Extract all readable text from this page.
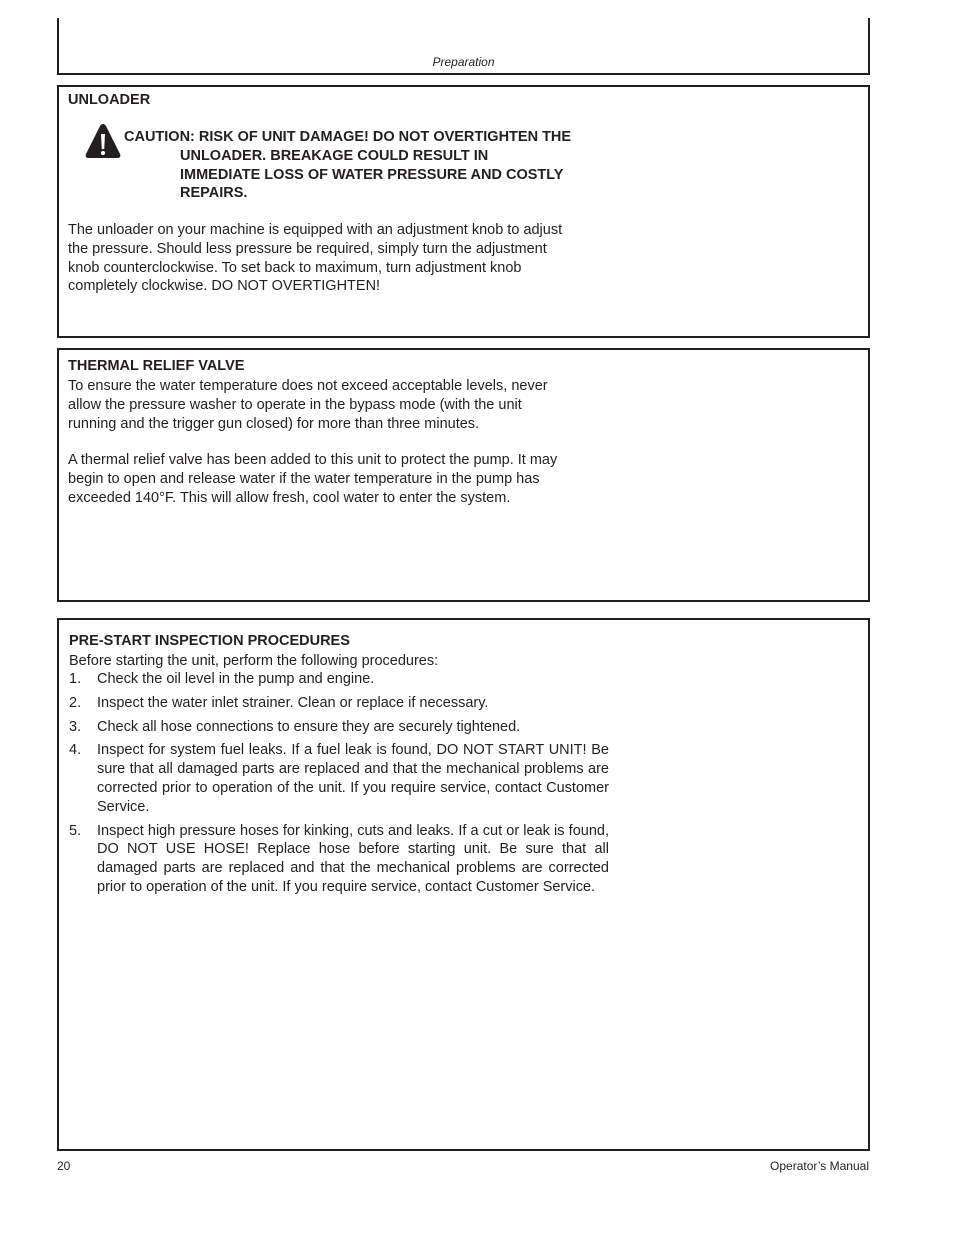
Preparation
UNLOADER
CAUTION: RISK OF UNIT DAMAGE! DO NOT OVERTIGHTEN THE

UNLOADER. BREAKAGE COULD RESULT IN
IMMEDIATE LOSS OF WATER PRESSURE AND COSTLY
REPAIRS.
The unloader on your machine is equipped with an adjustment knob to adjust
the pressure. Should less pressure be required, simply turn the adjustment
knob counterclockwise. To set back to maximum, turn adjustment knob
completely clockwise. DO NOT OVERTIGHTEN!
THERMAL RELIEF VALVE
To ensure the water temperature does not exceed acceptable levels, never
allow the pressure washer to operate in the bypass mode (with the unit
running and the trigger gun closed) for more than three minutes.
A thermal relief valve has been added to this unit to protect the pump. It may
begin to open and release water if the water temperature in the pump has
exceeded 140°F. This will allow fresh, cool water to enter the system.
PRE-START INSPECTION PROCEDURES
Before starting the unit, perform the following procedures:
1. Check the oil level in the pump and engine.
2. Inspect the water inlet strainer. Clean or replace if necessary.
3. Check all hose connections to ensure they are securely tightened.
4. Inspect for system fuel leaks. If a fuel leak is found, DO NOT START UNIT! Be sure that all damaged parts are replaced and that the mechanical problems are corrected prior to operation of the unit. If you require service, contact Customer Service.
5. Inspect high pressure hoses for kinking, cuts and leaks. If a cut or leak is found, DO NOT USE HOSE! Replace hose before starting unit. Be sure that all damaged parts are replaced and that the mechanical problems are corrected prior to operation of the unit. If you require service, contact Customer Service.
20	Operator’s Manual
